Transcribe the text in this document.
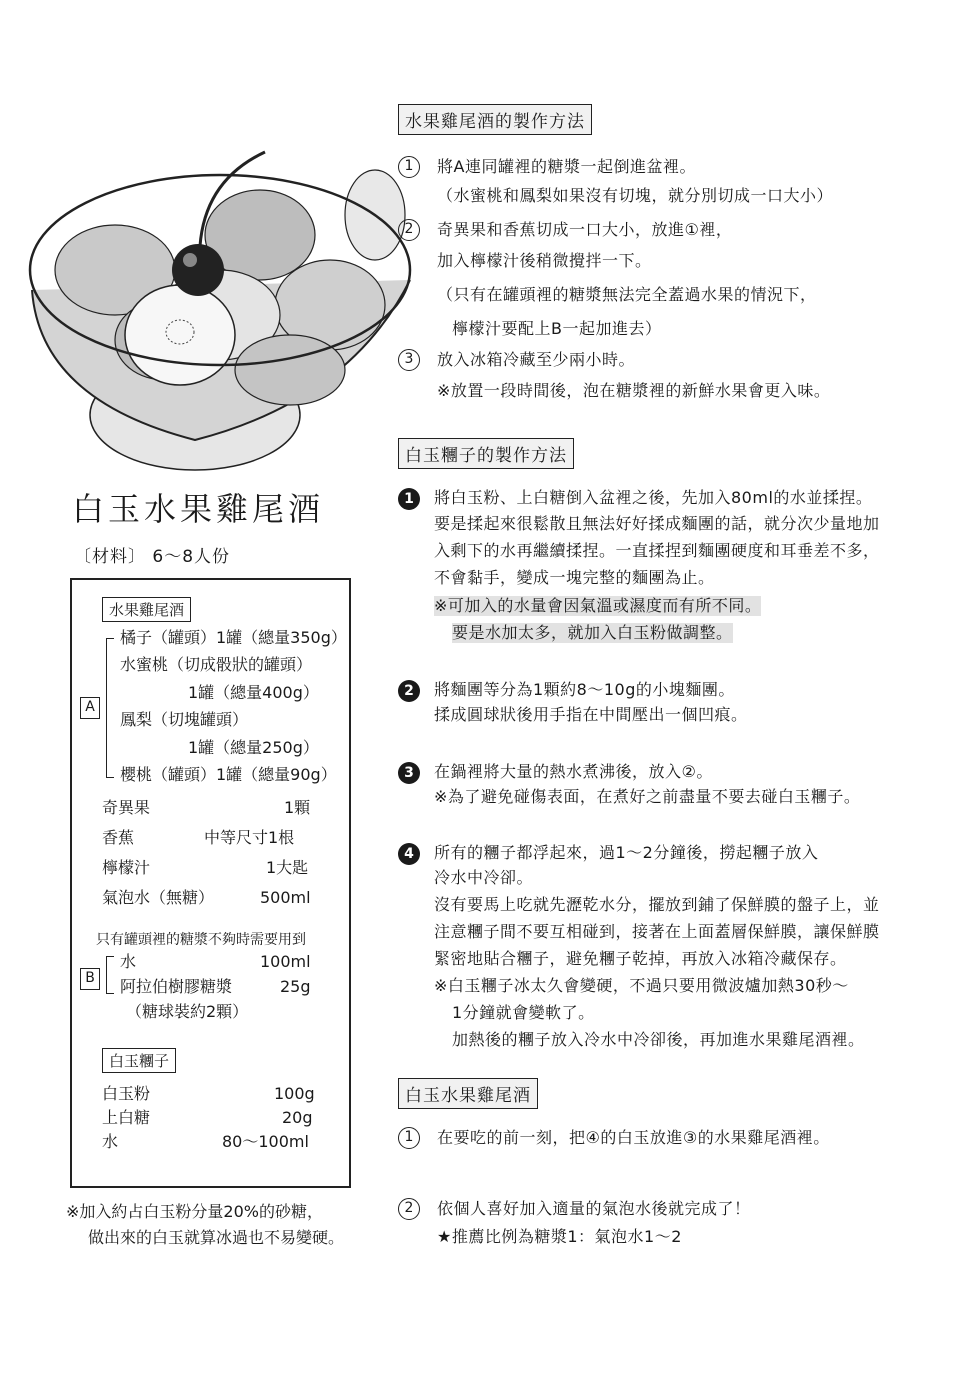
白玉水果雞尾酒
〔材料〕 6〜8人份
水果雞尾酒
A
橘子（罐頭）1罐（總量350g）
水蜜桃（切成骰狀的罐頭）
1罐（總量400g）
鳳梨（切塊罐頭）
1罐（總量250g）
櫻桃（罐頭）1罐（總量90g）
奇異果	1顆
香蕉	中等尺寸1根
檸檬汁	1大匙
氣泡水（無糖）	500ml
只有罐頭裡的糖漿不夠時需要用到
B
水	100ml
阿拉伯樹膠糖漿	25g
（糖球裝約2顆）
白玉糰子
白玉粉	100g
上白糖	20g
水	80〜100ml
※加入約占白玉粉分量20%的砂糖，
做出來的白玉就算冰過也不易變硬。
水果雞尾酒的製作方法
1	將A連同罐裡的糖漿一起倒進盆裡。
（水蜜桃和鳳梨如果沒有切塊，就分別切成一口大小）
2	奇異果和香蕉切成一口大小，放進①裡，
加入檸檬汁後稍微攪拌一下。
（只有在罐頭裡的糖漿無法完全蓋過水果的情況下，
檸檬汁要配上B一起加進去）
3	放入冰箱冷藏至少兩小時。
※放置一段時間後，泡在糖漿裡的新鮮水果會更入味。
白玉糰子的製作方法
1	將白玉粉、上白糖倒入盆裡之後，先加入80ml的水並揉捏。
要是揉起來很鬆散且無法好好揉成麵團的話，就分次少量地加
入剩下的水再繼續揉捏。一直揉捏到麵團硬度和耳垂差不多，
不會黏手，變成一塊完整的麵團為止。
※可加入的水量會因氣溫或濕度而有所不同。
要是水加太多，就加入白玉粉做調整。
2	將麵團等分為1顆約8〜10g的小塊麵團。
揉成圓球狀後用手指在中間壓出一個凹痕。
3	在鍋裡將大量的熱水煮沸後，放入②。
※為了避免碰傷表面，在煮好之前盡量不要去碰白玉糰子。
4	所有的糰子都浮起來，過1〜2分鐘後，撈起糰子放入
冷水中冷卻。
沒有要馬上吃就先瀝乾水分，擺放到鋪了保鮮膜的盤子上，並
注意糰子間不要互相碰到，接著在上面蓋層保鮮膜，讓保鮮膜
緊密地貼合糰子，避免糰子乾掉，再放入冰箱冷藏保存。
※白玉糰子冰太久會變硬，不過只要用微波爐加熱30秒〜
1分鐘就會變軟了。
加熱後的糰子放入冷水中冷卻後，再加進水果雞尾酒裡。
白玉水果雞尾酒
1	在要吃的前一刻，把④的白玉放進③的水果雞尾酒裡。
2	依個人喜好加入適量的氣泡水後就完成了！
★推薦比例為糖漿1：氣泡水1〜2
